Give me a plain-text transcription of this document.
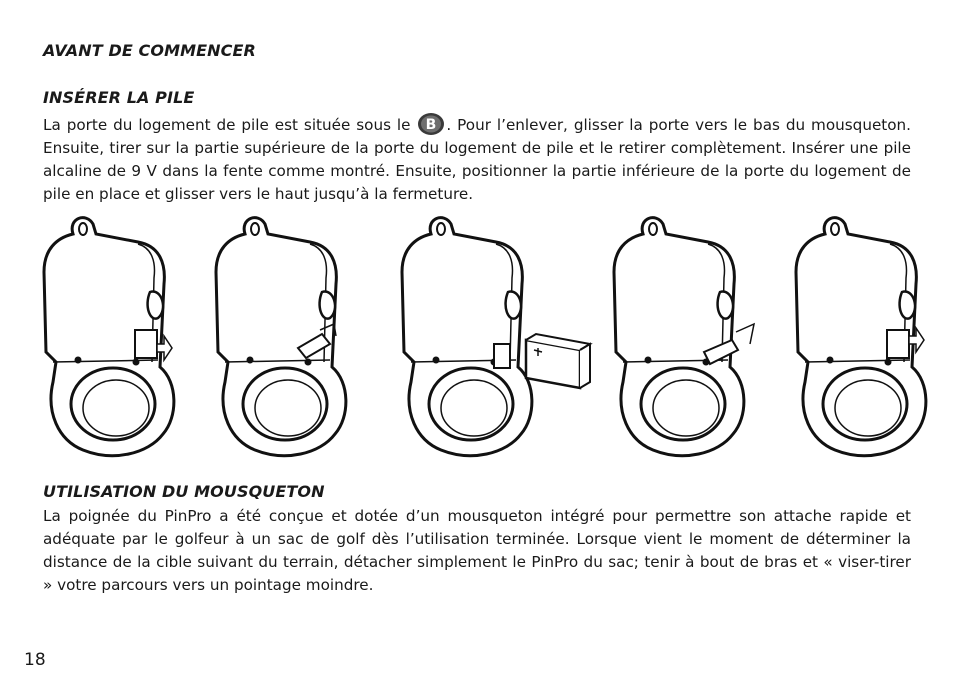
AVANT DE COMMENCER
INSÉRER LA PILE

La porte du logement de pile est située sous le B . Pour l’enlever, glisser la porte vers le bas du mousqueton. Ensuite, tirer sur la partie supérieure de la porte du logement de pile et le retirer complètement. Insérer une pile alcaline de 9 V dans la fente comme montré. Ensuite, positionner la partie inférieure de la porte du logement de pile en place et glisser vers le haut jusqu’à la fermeture.

UTILISATION DU MOUSQUETON

La poignée du PinPro a été conçue et dotée d’un mousqueton intégré pour permettre son attache rapide et adéquate par le golfeur à un sac de golf dès l’utilisation terminée. Lorsque vient le moment de déterminer la distance de la cible suivant du terrain, détacher simplement le PinPro du sac; tenir à bout de bras et « viser-tirer » votre parcours vers un pointage moindre.

18
